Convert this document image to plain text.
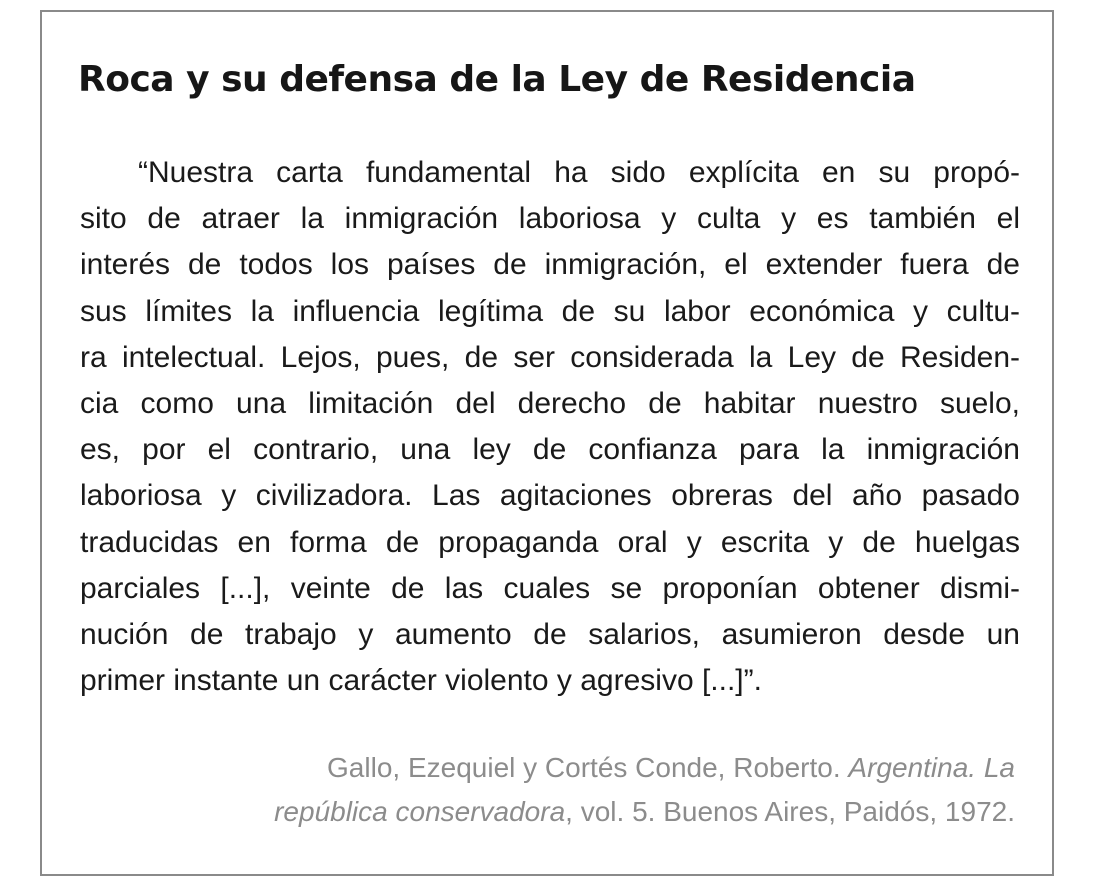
Roca y su defensa de la Ley de Residencia

“Nuestra carta fundamental ha sido explícita en su propó-
sito de atraer la inmigración laboriosa y culta y es también el
interés de todos los países de inmigración, el extender fuera de
sus límites la influencia legítima de su labor económica y cultu-
ra intelectual. Lejos, pues, de ser considerada la Ley de Residen-
cia como una limitación del derecho de habitar nuestro suelo,
es, por el contrario, una ley de confianza para la inmigración
laboriosa y civilizadora. Las agitaciones obreras del año pasado
traducidas en forma de propaganda oral y escrita y de huelgas
parciales [...], veinte de las cuales se proponían obtener dismi-
nución de trabajo y aumento de salarios, asumieron desde un
primer instante un carácter violento y agresivo [...]”.

Gallo, Ezequiel y Cortés Conde, Roberto. Argentina. La
república conservadora, vol. 5. Buenos Aires, Paidós, 1972.
